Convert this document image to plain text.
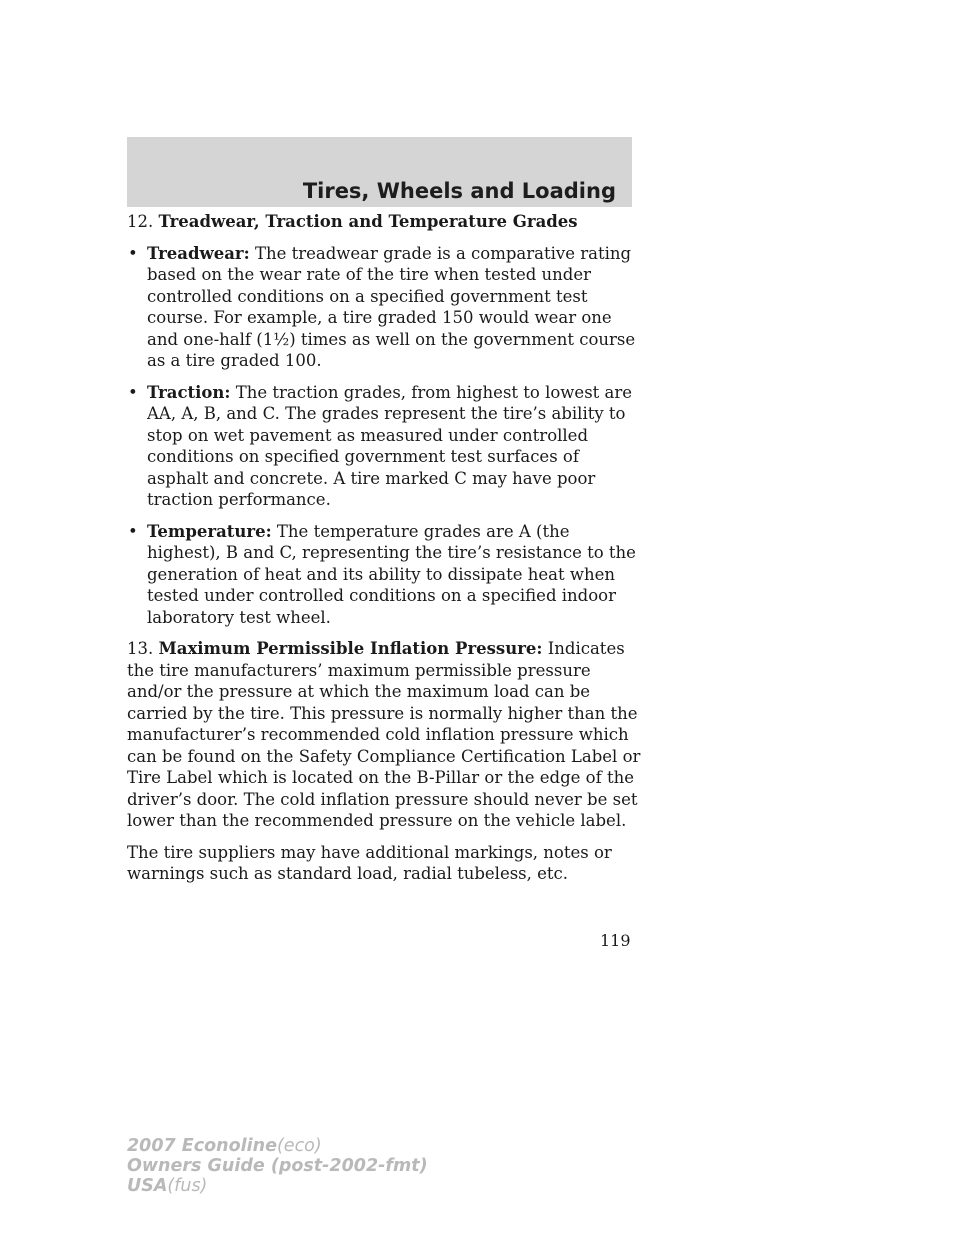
Tires, Wheels and Loading

12. Treadwear, Traction and Temperature Grades

• Treadwear: The treadwear grade is a comparative rating based on the wear rate of the tire when tested under controlled conditions on a specified government test course. For example, a tire graded 150 would wear one and one-half (1½) times as well on the government course as a tire graded 100.
• Traction: The traction grades, from highest to lowest are AA, A, B, and C. The grades represent the tire’s ability to stop on wet pavement as measured under controlled conditions on specified government test surfaces of asphalt and concrete. A tire marked C may have poor traction performance.
• Temperature: The temperature grades are A (the highest), B and C, representing the tire’s resistance to the generation of heat and its ability to dissipate heat when tested under controlled conditions on a specified indoor laboratory test wheel.

13. Maximum Permissible Inflation Pressure: Indicates the tire manufacturers’ maximum permissible pressure and/or the pressure at which the maximum load can be carried by the tire. This pressure is normally higher than the manufacturer’s recommended cold inflation pressure which can be found on the Safety Compliance Certification Label or Tire Label which is located on the B-Pillar or the edge of the driver’s door. The cold inflation pressure should never be set lower than the recommended pressure on the vehicle label.

The tire suppliers may have additional markings, notes or warnings such as standard load, radial tubeless, etc.

119
2007 Econoline(eco)
Owners Guide (post-2002-fmt)
USA(fus)
